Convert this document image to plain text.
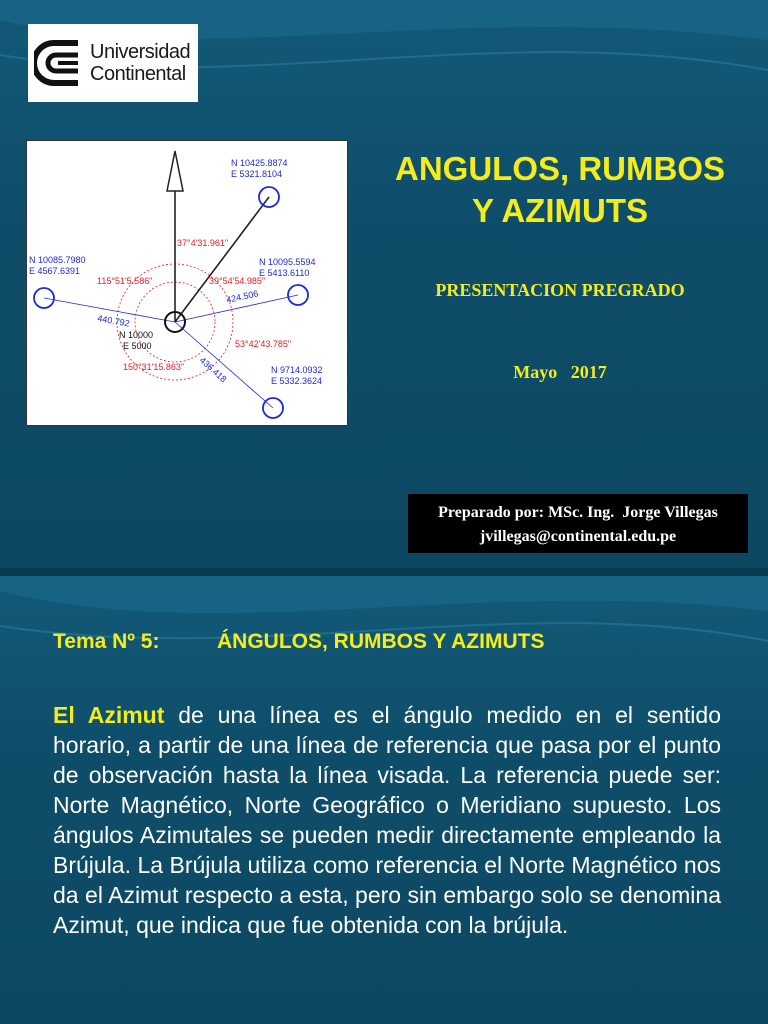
Universidad
Continental
N 10425.8874
E 5321.8104
N 10085.7980
E 4567.6391
N 10095.5594
E 5413.6110
N 9714.0932
E 5332.3624
440.792
424.506
436.418
N 10000
E 5000
37°4'31.961"
115°51'5.586"	39°54'54.985"
53°42'43.785"
150°31'15.863"
ANGULOS, RUMBOS
Y AZIMUTS
PRESENTACION PREGRADO
Mayo   2017
Preparado por: MSc. Ing.  Jorge Villegas
jvillegas@continental.edu.pe
Tema Nº 5:	ÁNGULOS, RUMBOS Y AZIMUTS
El Azimut de una línea es el ángulo medido en el sentido horario, a partir de una línea de referencia que pasa por el punto de observación hasta la línea visada. La referencia puede ser: Norte Magnético, Norte Geográfico o Meridiano supuesto. Los ángulos Azimutales se pueden medir directamente empleando la Brújula. La Brújula utiliza como referencia el Norte Magnético nos da el Azimut respecto a esta, pero sin embargo solo se denomina Azimut, que indica que fue obtenida con la brújula.
